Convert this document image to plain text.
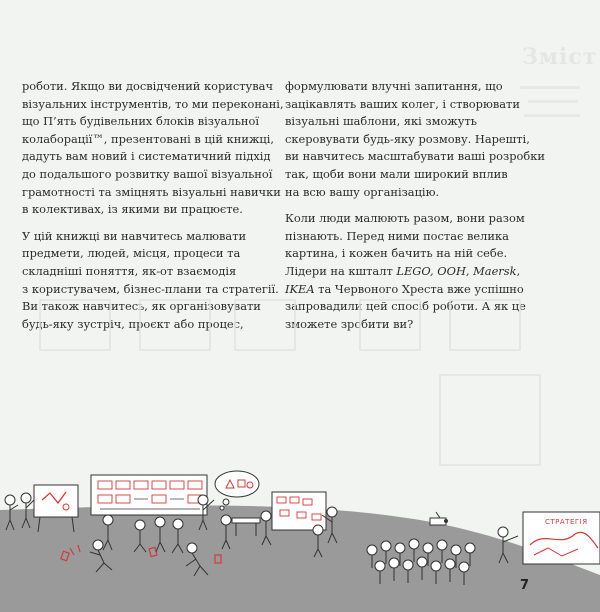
Зміст

роботи. Якщо ви досвідчений користувач
візуальних інструментів, то ми переконані,
що П’ять будівельних блоків візуальної
колаборації™, презентовані в цій книжці,
дадуть вам новий і систематичний підхід
до подальшого розвитку вашої візуальної
грамотності та зміцнять візуальні навички
в колективах, із якими ви працюєте.

У цій книжці ви навчитесь малювати
предмети, людей, місця, процеси та
складніші поняття, як-от взаємодія
з користувачем, бізнес-плани та стратегії.
Ви також навчитесь, як організовувати
будь-яку зустріч, проєкт або процес,

формулювати влучні запитання, що
зацікавлять ваших колег, і створювати
візуальні шаблони, які зможуть
скеровувати будь-яку розмову. Нарешті,
ви навчитесь масштабувати ваші розробки
так, щоби вони мали широкий вплив
на всю вашу організацію.

Коли люди малюють разом, вони разом
пізнають. Перед ними постає велика
картина, і кожен бачить на ній себе.
Лідери на кшталт LEGO, OOH, Maersk,
IKEA та Червоного Хреста вже успішно
запровадили цей спосіб роботи. А як це
зможете зробити ви?

СТРАТЕГІЯ
7
